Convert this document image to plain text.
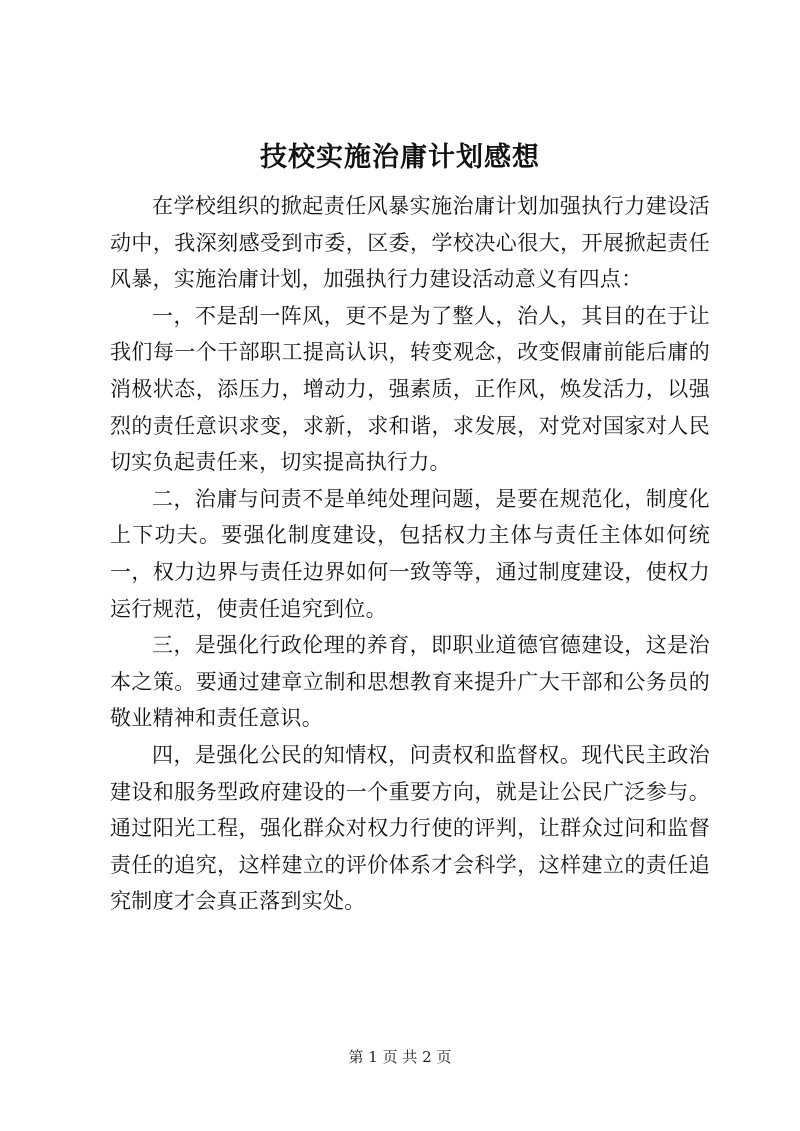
技校实施治庸计划感想

在学校组织的掀起责任风暴实施治庸计划加强执行力建设活动中，我深刻感受到市委，区委，学校决心很大，开展掀起责任风暴，实施治庸计划，加强执行力建设活动意义有四点：

一，不是刮一阵风，更不是为了整人，治人，其目的在于让我们每一个干部职工提高认识，转变观念，改变假庸前能后庸的消极状态，添压力，增动力，强素质，正作风，焕发活力，以强烈的责任意识求变，求新，求和谐，求发展，对党对国家对人民切实负起责任来，切实提高执行力。

二，治庸与问责不是单纯处理问题，是要在规范化，制度化上下功夫。要强化制度建设，包括权力主体与责任主体如何统一，权力边界与责任边界如何一致等等，通过制度建设，使权力运行规范，使责任追究到位。

三，是强化行政伦理的养育，即职业道德官德建设，这是治本之策。要通过建章立制和思想教育来提升广大干部和公务员的敬业精神和责任意识。

四，是强化公民的知情权，问责权和监督权。现代民主政治建设和服务型政府建设的一个重要方向，就是让公民广泛参与。通过阳光工程，强化群众对权力行使的评判，让群众过问和监督责任的追究，这样建立的评价体系才会科学，这样建立的责任追究制度才会真正落到实处。

第 1 页 共 2 页
